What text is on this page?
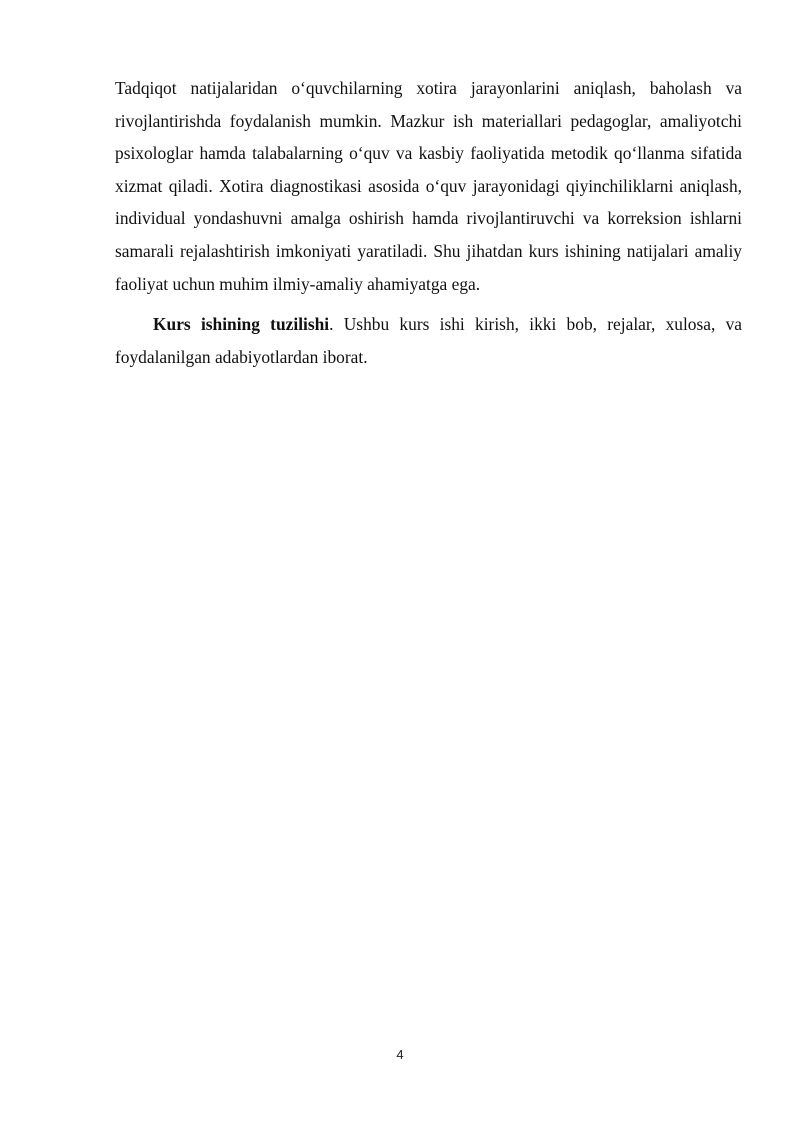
Tadqiqot natijalaridan o‘quvchilarning xotira jarayonlarini aniqlash, baholash va rivojlantirishda foydalanish mumkin. Mazkur ish materiallari pedagoglar, amaliyotchi psixologlar hamda talabalarning o‘quv va kasbiy faoliyatida metodik qo‘llanma sifatida xizmat qiladi. Xotira diagnostikasi asosida o‘quv jarayonidagi qiyinchiliklarni aniqlash, individual yondashuvni amalga oshirish hamda rivojlantiruvchi va korreksion ishlarni samarali rejalashtirish imkoniyati yaratiladi. Shu jihatdan kurs ishining natijalari amaliy faoliyat uchun muhim ilmiy-amaliy ahamiyatga ega.

Kurs ishining tuzilishi. Ushbu kurs ishi kirish, ikki bob, rejalar, xulosa, va foydalanilgan adabiyotlardan iborat.

4
